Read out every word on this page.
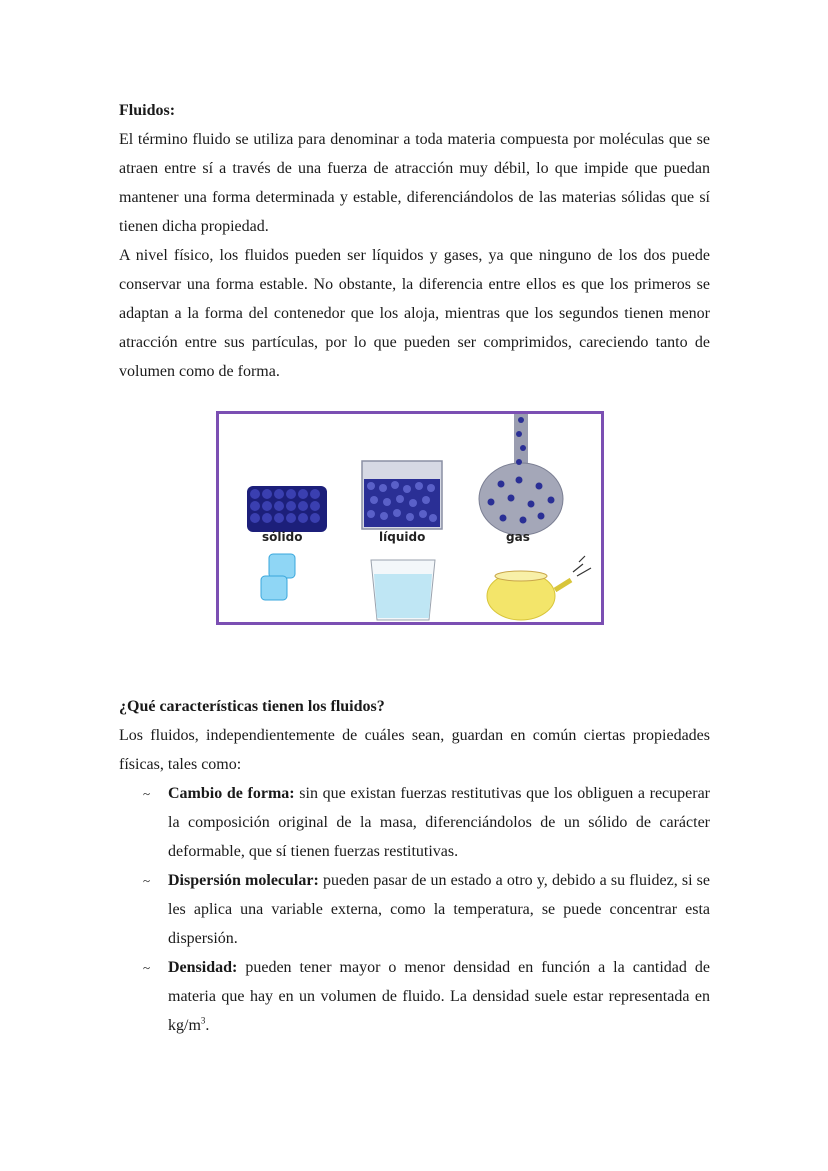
Fluidos:

El término fluido se utiliza para denominar a toda materia compuesta por moléculas que se atraen entre sí a través de una fuerza de atracción muy débil, lo que impide que puedan mantener una forma determinada y estable, diferenciándolos de las materias sólidas que sí tienen dicha propiedad.

A nivel físico, los fluidos pueden ser líquidos y gases, ya que ninguno de los dos puede conservar una forma estable. No obstante, la diferencia entre ellos es que los primeros se adaptan a la forma del contenedor que los aloja, mientras que los segundos tienen menor atracción entre sus partículas, por lo que pueden ser comprimidos, careciendo tanto de volumen como de forma.

sólido	líquido	gas
¿Qué características tienen los fluidos?

Los fluidos, independientemente de cuáles sean, guardan en común ciertas propiedades físicas, tales como:

~ Cambio de forma: sin que existan fuerzas restitutivas que los obliguen a recuperar la composición original de la masa, diferenciándolos de un sólido de carácter deformable, que sí tienen fuerzas restitutivas.
~ Dispersión molecular: pueden pasar de un estado a otro y, debido a su fluidez, si se les aplica una variable externa, como la temperatura, se puede concentrar esta dispersión.
~ Densidad: pueden tener mayor o menor densidad en función a la cantidad de materia que hay en un volumen de fluido. La densidad suele estar representada en $kg/m^3$.
